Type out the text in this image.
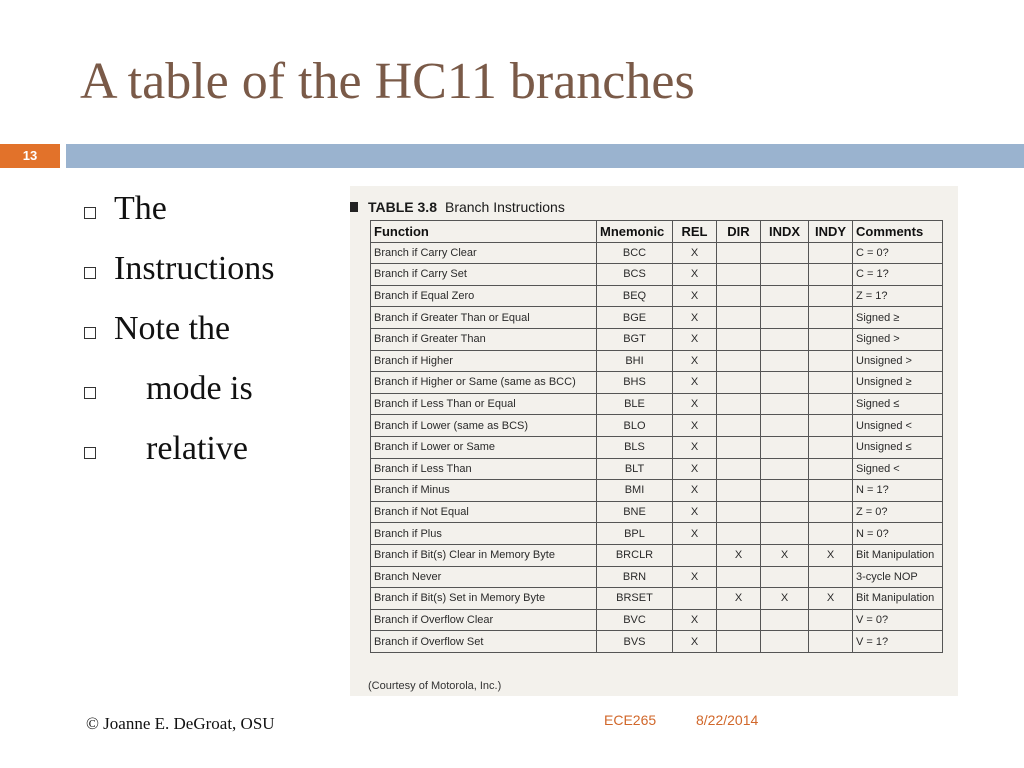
A table of the HC11 branches
13
The
Instructions
Note the
mode is
relative
TABLE 3.8 Branch Instructions
Function	Mnemonic	REL	DIR	INDX	INDY	Comments
Branch if Carry Clear	BCC	X				C = 0?
Branch if Carry Set	BCS	X				C = 1?
Branch if Equal Zero	BEQ	X				Z = 1?
Branch if Greater Than or Equal	BGE	X				Signed ≥
Branch if Greater Than	BGT	X				Signed >
Branch if Higher	BHI	X				Unsigned >
Branch if Higher or Same (same as BCC)	BHS	X				Unsigned ≥
Branch if Less Than or Equal	BLE	X				Signed ≤
Branch if Lower (same as BCS)	BLO	X				Unsigned <
Branch if Lower or Same	BLS	X				Unsigned ≤
Branch if Less Than	BLT	X				Signed <
Branch if Minus	BMI	X				N = 1?
Branch if Not Equal	BNE	X				Z = 0?
Branch if Plus	BPL	X				N = 0?
Branch if Bit(s) Clear in Memory Byte	BRCLR		X	X	X	Bit Manipulation
Branch Never	BRN	X				3-cycle NOP
Branch if Bit(s) Set in Memory Byte	BRSET		X	X	X	Bit Manipulation
Branch if Overflow Clear	BVC	X				V = 0?
Branch if Overflow Set	BVS	X				V = 1?
(Courtesy of Motorola, Inc.)
© Joanne E. DeGroat, OSU	ECE265	8/22/2014
